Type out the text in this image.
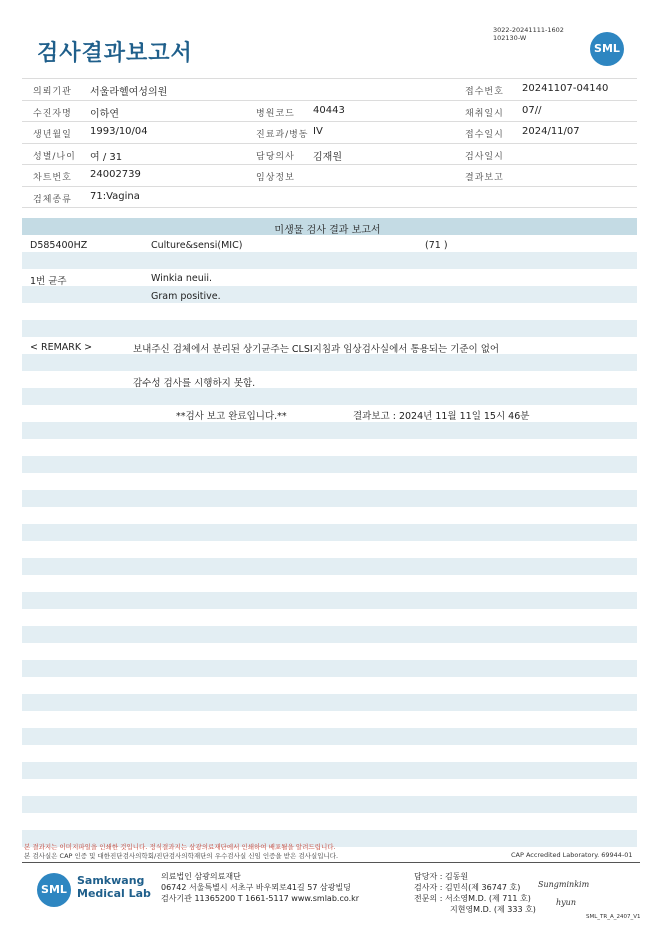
검사결과보고서
3022-20241111-1602
102130-W
SML
의뢰기관 서울라헬여성의원	접수번호 20241107-04140
수진자명 이하연	병원코드 40443	채취일시 07//
생년월일 1993/10/04	진료과/병동 IV	접수일시 2024/11/07
성별/나이 여 / 31	담당의사 김재원	검사일시
차트번호 24002739	임상정보	결과보고
검체종류 71:Vagina
미생물 검사 결과 보고서
D585400HZ	Culture&sensi(MIC)	(71 )
1번 균주	Winkia neuii.
Gram positive.
< REMARK >	보내주신 검체에서 분리된 상기균주는 CLSI지침과 임상검사실에서 통용되는 기준이 없어
감수성 검사를 시행하지 못함.
**검사 보고 완료입니다.**	결과보고 : 2024년 11월 11일 15시 46분
본 결과지는 이미지파일을 인쇄한 것입니다. 정식결과지는 삼광의료재단에서 인쇄하여 배포될을 알려드립니다.
본 검사실은 CAP 인증 및 대한진단검사의학회/진단검사의학재단의 우수검사실 신임 인증을 받은 검사실입니다.	CAP Accredited Laboratory. 69944-01
SML
Samkwang
Medical Lab
의료법인 삼광의료재단
06742 서울특별시 서초구 바우뫼로41길 57 삼광빌딩
검사기관 11365200 T 1661-5117 www.smlab.co.kr
담당자 : 김동원
검사자 : 김민식(제 36747 호)
전문의 : 서소영M.D. (제 711 호)
지현영M.D. (제 333 호)
Sungminkim
hyun
SML_TR_A_2407_V1
